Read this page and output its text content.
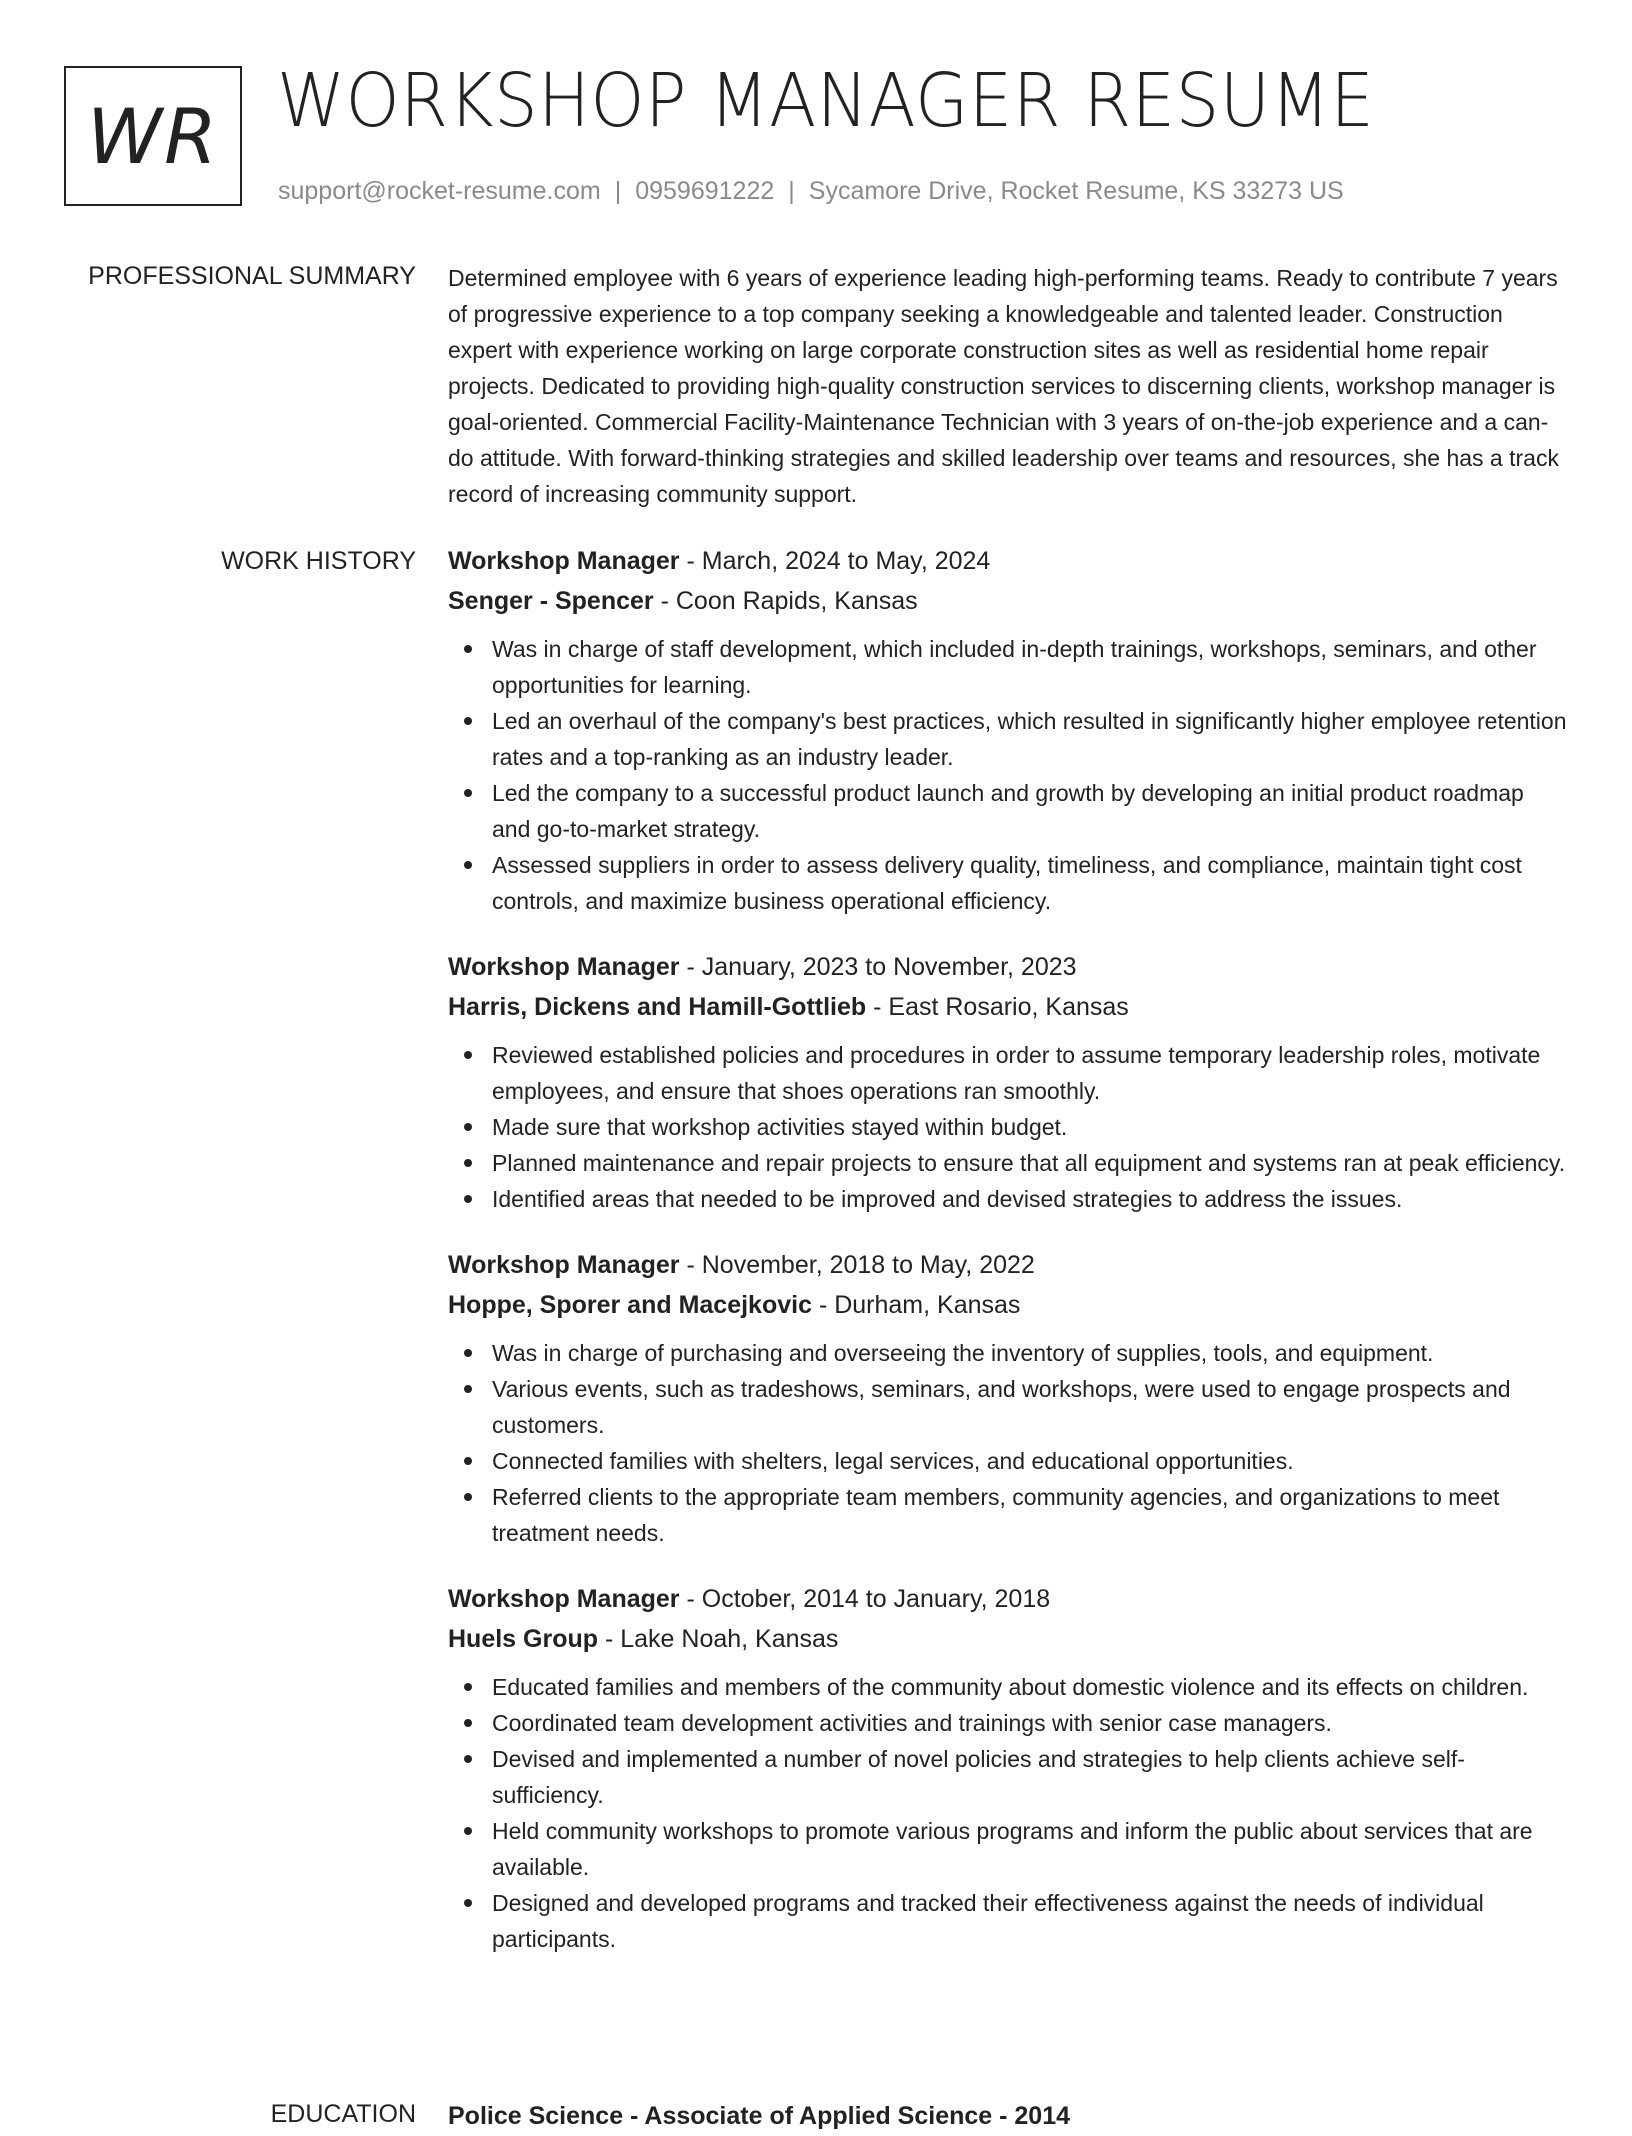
WR WORKSHOP MANAGER RESUME
support@rocket-resume.com | 0959691222 | Sycamore Drive, Rocket Resume, KS 33273 US
PROFESSIONAL SUMMARY Determined employee with 6 years of experience leading high-performing teams. Ready to contribute 7 years of progressive experience to a top company seeking a knowledgeable and talented leader. Construction expert with experience working on large corporate construction sites as well as residential home repair projects. Dedicated to providing high-quality construction services to discerning clients, workshop manager is goal-oriented. Commercial Facility-Maintenance Technician with 3 years of on-the-job experience and a can-do attitude. With forward-thinking strategies and skilled leadership over teams and resources, she has a track record of increasing community support.

WORK HISTORY Workshop Manager - March, 2024 to May, 2024

Senger - Spencer - Coon Rapids, Kansas

Was in charge of staff development, which included in-depth trainings, workshops, seminars, and other opportunities for learning.
Led an overhaul of the company's best practices, which resulted in significantly higher employee retention rates and a top-ranking as an industry leader.
Led the company to a successful product launch and growth by developing an initial product roadmap and go-to-market strategy.
Assessed suppliers in order to assess delivery quality, timeliness, and compliance, maintain tight cost controls, and maximize business operational efficiency.

Workshop Manager - January, 2023 to November, 2023

Harris, Dickens and Hamill-Gottlieb - East Rosario, Kansas

Reviewed established policies and procedures in order to assume temporary leadership roles, motivate employees, and ensure that shoes operations ran smoothly.
Made sure that workshop activities stayed within budget.
Planned maintenance and repair projects to ensure that all equipment and systems ran at peak efficiency.
Identified areas that needed to be improved and devised strategies to address the issues.

Workshop Manager - November, 2018 to May, 2022

Hoppe, Sporer and Macejkovic - Durham, Kansas

Was in charge of purchasing and overseeing the inventory of supplies, tools, and equipment.
Various events, such as tradeshows, seminars, and workshops, were used to engage prospects and customers.
Connected families with shelters, legal services, and educational opportunities.
Referred clients to the appropriate team members, community agencies, and organizations to meet treatment needs.

Workshop Manager - October, 2014 to January, 2018

Huels Group - Lake Noah, Kansas

Educated families and members of the community about domestic violence and its effects on children.
Coordinated team development activities and trainings with senior case managers.
Devised and implemented a number of novel policies and strategies to help clients achieve self-sufficiency.
Held community workshops to promote various programs and inform the public about services that are available.
Designed and developed programs and tracked their effectiveness against the needs of individual participants.
EDUCATION Police Science - Associate of Applied Science - 2014
